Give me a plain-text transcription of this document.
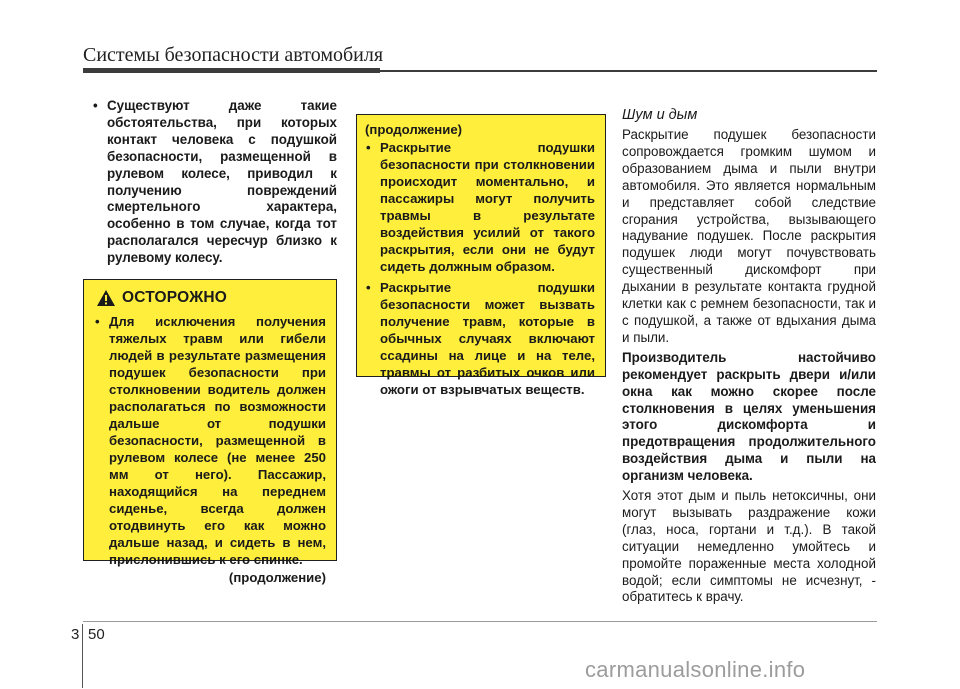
Системы безопасности автомобиля
• Существуют даже такие обстоятельства, при которых контакт человека с подушкой безопасности, размещенной в рулевом колесе, приводил к получению повреждений смертельного характера, особенно в том случае, когда тот располагался чересчур близко к рулевому колесу.
ОСТОРОЖНО
• Для исключения получения тяжелых травм или гибели людей в результате размещения подушек безопасности при столкновении водитель должен располагаться по возможности дальше от подушки безопасности, размещенной в рулевом колесе (не менее 250 мм от него). Пассажир, находящийся на переднем сиденье, всегда должен отодвинуть его как можно дальше назад, и сидеть в нем, прислонившись к его спинке.
(продолжение)
(продолжение)
• Раскрытие подушки безопасности при столкновении происходит моментально, и пассажиры могут получить травмы в результате воздействия усилий от такого раскрытия, если они не будут сидеть должным образом.
• Раскрытие подушки безопасности может вызвать получение травм, которые в обычных случаях включают ссадины на лице и на теле, травмы от разбитых очков или ожоги от взрывчатых веществ.
Шум и дым

Раскрытие подушек безопасности сопровождается громким шумом и образованием дыма и пыли внутри автомобиля. Это является нормальным и представляет собой следствие сгорания устройства, вызывающего надувание подушек. После раскрытия подушек люди могут почувствовать существенный дискомфорт при дыхании в результате контакта грудной клетки как с ремнем безопасности, так и с подушкой, а также от вдыхания дыма и пыли.

Производитель настойчиво рекомендует раскрыть двери и/или окна как можно скорее после столкновения в целях уменьшения этого дискомфорта и предотвращения продолжительного воздействия дыма и пыли на организм человека.

Хотя этот дым и пыль нетоксичны, они могут вызывать раздражение кожи (глаз, носа, гортани и т.д.). В такой ситуации немедленно умойтесь и промойте пораженные места холодной водой; если симптомы не исчезнут, - обратитесь к врачу.

3 50
carmanualsonline.info
